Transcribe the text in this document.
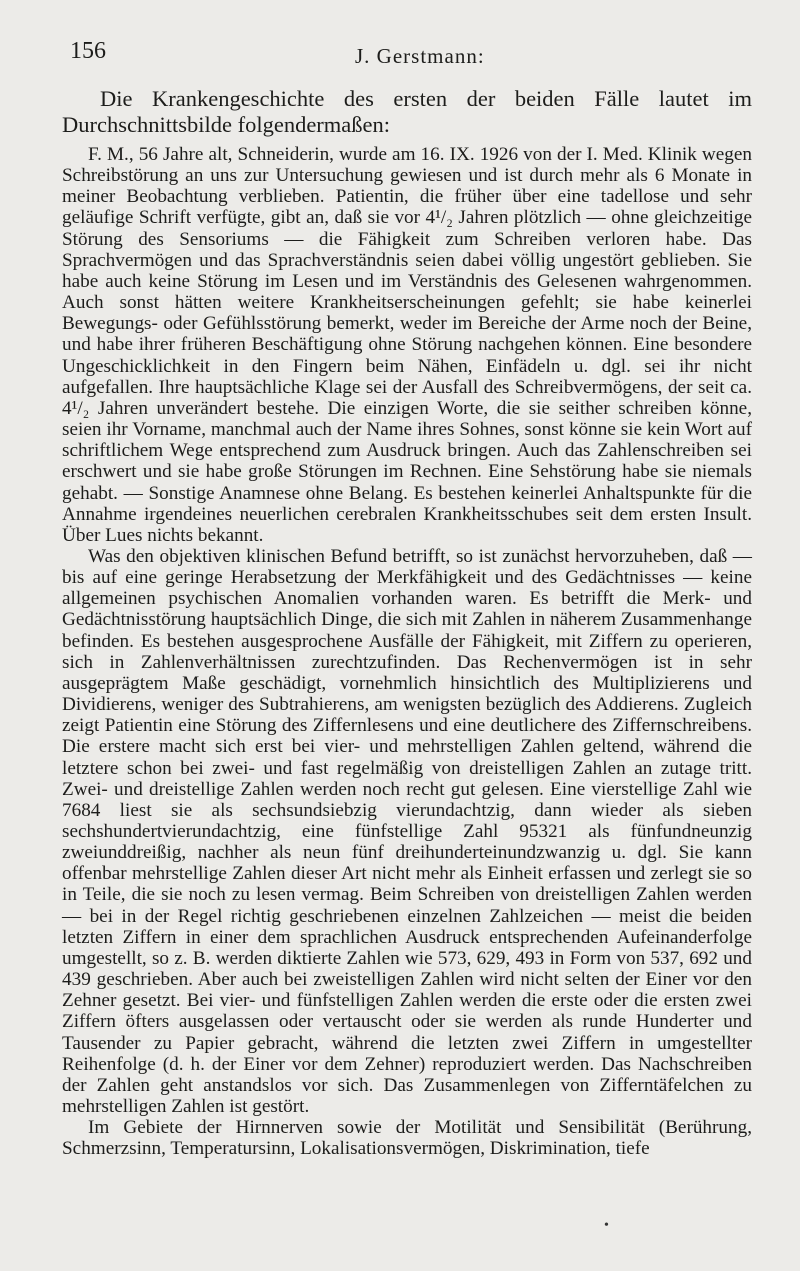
156	J. Gerstmann:

Die Krankengeschichte des ersten der beiden Fälle lautet im Durchschnittsbilde folgendermaßen:

F. M., 56 Jahre alt, Schneiderin, wurde am 16. IX. 1926 von der I. Med. Klinik wegen Schreibstörung an uns zur Untersuchung gewiesen und ist durch mehr als 6 Monate in meiner Beobachtung verblieben. Patientin, die früher über eine tadellose und sehr geläufige Schrift verfügte, gibt an, daß sie vor 4¹/₂ Jahren plötzlich — ohne gleichzeitige Störung des Sensoriums — die Fähigkeit zum Schreiben verloren habe. Das Sprachvermögen und das Sprachverständnis seien dabei völlig ungestört geblieben. Sie habe auch keine Störung im Lesen und im Verständnis des Gelesenen wahrgenommen. Auch sonst hätten weitere Krankheitserscheinungen gefehlt; sie habe keinerlei Bewegungs- oder Gefühlsstörung bemerkt, weder im Bereiche der Arme noch der Beine, und habe ihrer früheren Beschäftigung ohne Störung nachgehen können. Eine besondere Ungeschicklichkeit in den Fingern beim Nähen, Einfädeln u. dgl. sei ihr nicht aufgefallen. Ihre hauptsächliche Klage sei der Ausfall des Schreibvermögens, der seit ca. 4¹/₂ Jahren unverändert bestehe. Die einzigen Worte, die sie seither schreiben könne, seien ihr Vorname, manchmal auch der Name ihres Sohnes, sonst könne sie kein Wort auf schriftlichem Wege entsprechend zum Ausdruck bringen. Auch das Zahlenschreiben sei erschwert und sie habe große Störungen im Rechnen. Eine Sehstörung habe sie niemals gehabt. — Sonstige Anamnese ohne Belang. Es bestehen keinerlei Anhaltspunkte für die Annahme irgendeines neuerlichen cerebralen Krankheitsschubes seit dem ersten Insult. Über Lues nichts bekannt.

Was den objektiven klinischen Befund betrifft, so ist zunächst hervorzuheben, daß — bis auf eine geringe Herabsetzung der Merkfähigkeit und des Gedächtnisses — keine allgemeinen psychischen Anomalien vorhanden waren. Es betrifft die Merk- und Gedächtnisstörung hauptsächlich Dinge, die sich mit Zahlen in näherem Zusammenhange befinden. Es bestehen ausgesprochene Ausfälle der Fähigkeit, mit Ziffern zu operieren, sich in Zahlenverhältnissen zurechtzufinden. Das Rechenvermögen ist in sehr ausgeprägtem Maße geschädigt, vornehmlich hinsichtlich des Multiplizierens und Dividierens, weniger des Subtrahierens, am wenigsten bezüglich des Addierens. Zugleich zeigt Patientin eine Störung des Ziffernlesens und eine deutlichere des Ziffernschreibens. Die erstere macht sich erst bei vier- und mehrstelligen Zahlen geltend, während die letztere schon bei zwei- und fast regelmäßig von dreistelligen Zahlen an zutage tritt. Zwei- und dreistellige Zahlen werden noch recht gut gelesen. Eine vierstellige Zahl wie 7684 liest sie als sechsundsiebzig vierundachtzig, dann wieder als sieben sechshundertvierundachtzig, eine fünfstellige Zahl 95321 als fünfundneunzig zweiunddreißig, nachher als neun fünf dreihunderteinundzwanzig u. dgl. Sie kann offenbar mehrstellige Zahlen dieser Art nicht mehr als Einheit erfassen und zerlegt sie so in Teile, die sie noch zu lesen vermag. Beim Schreiben von dreistelligen Zahlen werden — bei in der Regel richtig geschriebenen einzelnen Zahlzeichen — meist die beiden letzten Ziffern in einer dem sprachlichen Ausdruck entsprechenden Aufeinanderfolge umgestellt, so z. B. werden diktierte Zahlen wie 573, 629, 493 in Form von 537, 692 und 439 geschrieben. Aber auch bei zweistelligen Zahlen wird nicht selten der Einer vor den Zehner gesetzt. Bei vier- und fünfstelligen Zahlen werden die erste oder die ersten zwei Ziffern öfters ausgelassen oder vertauscht oder sie werden als runde Hunderter und Tausender zu Papier gebracht, während die letzten zwei Ziffern in umgestellter Reihenfolge (d. h. der Einer vor dem Zehner) reproduziert werden. Das Nachschreiben der Zahlen geht anstandslos vor sich. Das Zusammenlegen von Zifferntäfelchen zu mehrstelligen Zahlen ist gestört.

Im Gebiete der Hirnnerven sowie der Motilität und Sensibilität (Berührung, Schmerzsinn, Temperatursinn, Lokalisationsvermögen, Diskrimination, tiefe

•
